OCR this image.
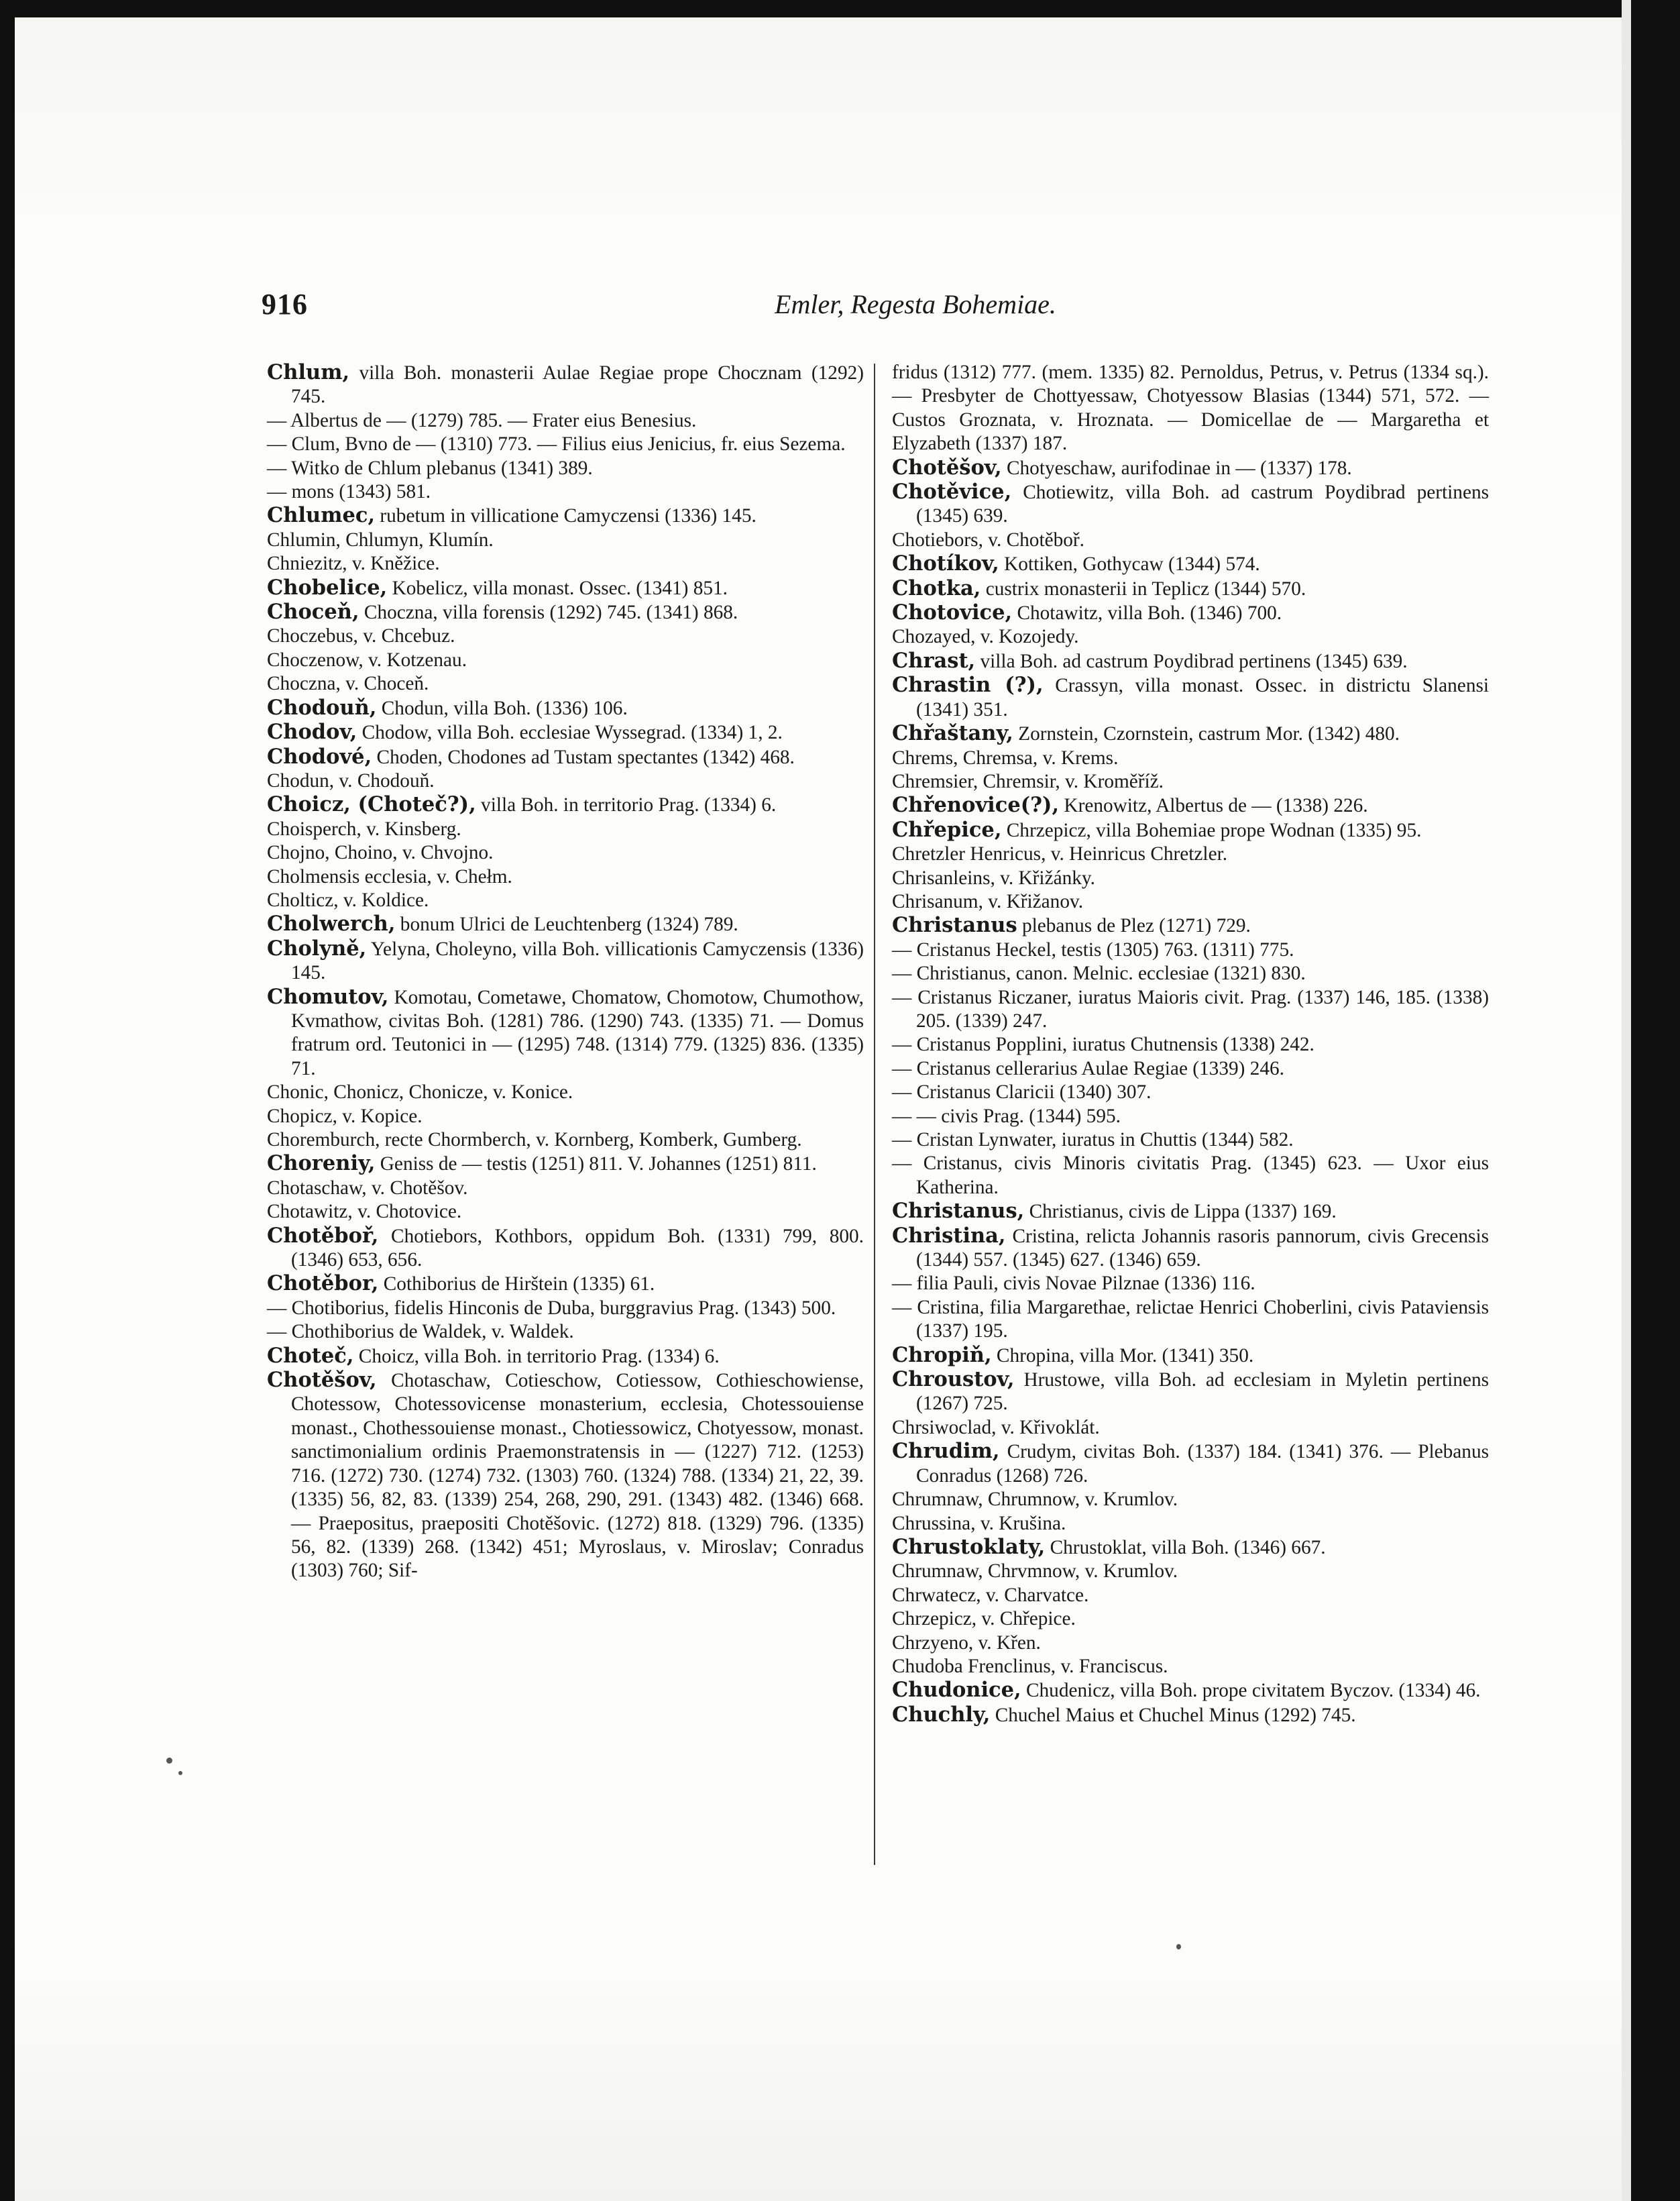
916	Emler, Regesta Bohemiae.

Chlum, villa Boh. monasterii Aulae Regiae prope Chocznam (1292) 745.

— Albertus de — (1279) 785. — Frater eius Benesius.

— Clum, Bvno de — (1310) 773. — Filius eius Jenicius, fr. eius Sezema.

— Witko de Chlum plebanus (1341) 389.

— mons (1343) 581.

Chlumec, rubetum in villicatione Camyczensi (1336) 145.

Chlumin, Chlumyn, Klumín.

Chniezitz, v. Kněžice.

Chobelice, Kobelicz, villa monast. Ossec. (1341) 851.

Choceň, Choczna, villa forensis (1292) 745. (1341) 868.

Choczebus, v. Chcebuz.

Choczenow, v. Kotzenau.

Choczna, v. Choceň.

Chodouň, Chodun, villa Boh. (1336) 106.

Chodov, Chodow, villa Boh. ecclesiae Wyssegrad. (1334) 1, 2.

Chodové, Choden, Chodones ad Tustam spectantes (1342) 468.

Chodun, v. Chodouň.

Choicz, (Choteč?), villa Boh. in territorio Prag. (1334) 6.

Choisperch, v. Kinsberg.

Chojno, Choino, v. Chvojno.

Cholmensis ecclesia, v. Chełm.

Cholticz, v. Koldice.

Cholwerch, bonum Ulrici de Leuchtenberg (1324) 789.

Cholyně, Yelyna, Choleyno, villa Boh. villicationis Camyczensis (1336) 145.

Chomutov, Komotau, Cometawe, Chomatow, Chomotow, Chumothow, Kvmathow, civitas Boh. (1281) 786. (1290) 743. (1335) 71. — Domus fratrum ord. Teutonici in — (1295) 748. (1314) 779. (1325) 836. (1335) 71.

Chonic, Chonicz, Chonicze, v. Konice.

Chopicz, v. Kopice.

Choremburch, recte Chormberch, v. Kornberg, Komberk, Gumberg.

Choreniy, Geniss de — testis (1251) 811. V. Johannes (1251) 811.

Chotaschaw, v. Chotěšov.

Chotawitz, v. Chotovice.

Chotěboř, Chotiebors, Kothbors, oppidum Boh. (1331) 799, 800. (1346) 653, 656.

Chotěbor, Cothiborius de Hirštein (1335) 61.

— Chotiborius, fidelis Hinconis de Duba, burggravius Prag. (1343) 500.

— Chothiborius de Waldek, v. Waldek.

Choteč, Choicz, villa Boh. in territorio Prag. (1334) 6.

Chotěšov, Chotaschaw, Cotieschow, Cotiessow, Cothieschowiense, Chotessow, Chotessovicense monasterium, ecclesia, Chotessouiense monast., Chothessouiense monast., Chotiessowicz, Chotyessow, monast. sanctimonialium ordinis Praemonstratensis in — (1227) 712. (1253) 716. (1272) 730. (1274) 732. (1303) 760. (1324) 788. (1334) 21, 22, 39. (1335) 56, 82, 83. (1339) 254, 268, 290, 291. (1343) 482. (1346) 668. — Praepositus, praepositi Chotěšovic. (1272) 818. (1329) 796. (1335) 56, 82. (1339) 268. (1342) 451; Myroslaus, v. Miroslav; Conradus (1303) 760; Sif-

fridus (1312) 777. (mem. 1335) 82. Pernoldus, Petrus, v. Petrus (1334 sq.). — Presbyter de Chottyessaw, Chotyessow Blasias (1344) 571, 572. — Custos Groznata, v. Hroznata. — Domicellae de — Margaretha et Elyzabeth (1337) 187.

Chotěšov, Chotyeschaw, aurifodinae in — (1337) 178.

Chotěvice, Chotiewitz, villa Boh. ad castrum Poydibrad pertinens (1345) 639.

Chotiebors, v. Chotěboř.

Chotíkov, Kottiken, Gothycaw (1344) 574.

Chotka, custrix monasterii in Teplicz (1344) 570.

Chotovice, Chotawitz, villa Boh. (1346) 700.

Chozayed, v. Kozojedy.

Chrast, villa Boh. ad castrum Poydibrad pertinens (1345) 639.

Chrastin (?), Crassyn, villa monast. Ossec. in districtu Slanensi (1341) 351.

Chřaštany, Zornstein, Czornstein, castrum Mor. (1342) 480.

Chrems, Chremsa, v. Krems.

Chremsier, Chremsir, v. Kroměříž.

Chřenovice(?), Krenowitz, Albertus de — (1338) 226.

Chřepice, Chrzepicz, villa Bohemiae prope Wodnan (1335) 95.

Chretzler Henricus, v. Heinricus Chretzler.

Chrisanleins, v. Křižánky.

Chrisanum, v. Křižanov.

Christanus plebanus de Plez (1271) 729.

— Cristanus Heckel, testis (1305) 763. (1311) 775.

— Christianus, canon. Melnic. ecclesiae (1321) 830.

— Cristanus Riczaner, iuratus Maioris civit. Prag. (1337) 146, 185. (1338) 205. (1339) 247.

— Cristanus Popplini, iuratus Chutnensis (1338) 242.

— Cristanus cellerarius Aulae Regiae (1339) 246.

— Cristanus Claricii (1340) 307.

— — civis Prag. (1344) 595.

— Cristan Lynwater, iuratus in Chuttis (1344) 582.

— Cristanus, civis Minoris civitatis Prag. (1345) 623. — Uxor eius Katherina.

Christanus, Christianus, civis de Lippa (1337) 169.

Christina, Cristina, relicta Johannis rasoris pannorum, civis Grecensis (1344) 557. (1345) 627. (1346) 659.

— filia Pauli, civis Novae Pilznae (1336) 116.

— Cristina, filia Margarethae, relictae Henrici Choberlini, civis Pataviensis (1337) 195.

Chropiň, Chropina, villa Mor. (1341) 350.

Chroustov, Hrustowe, villa Boh. ad ecclesiam in Myletin pertinens (1267) 725.

Chrsiwoclad, v. Křivoklát.

Chrudim, Crudym, civitas Boh. (1337) 184. (1341) 376. — Plebanus Conradus (1268) 726.

Chrumnaw, Chrumnow, v. Krumlov.

Chrussina, v. Krušina.

Chrustoklaty, Chrustoklat, villa Boh. (1346) 667.

Chrumnaw, Chrvmnow, v. Krumlov.

Chrwatecz, v. Charvatce.

Chrzepicz, v. Chřepice.

Chrzyeno, v. Křen.

Chudoba Frenclinus, v. Franciscus.

Chudonice, Chudenicz, villa Boh. prope civitatem Byczov. (1334) 46.

Chuchly, Chuchel Maius et Chuchel Minus (1292) 745.
